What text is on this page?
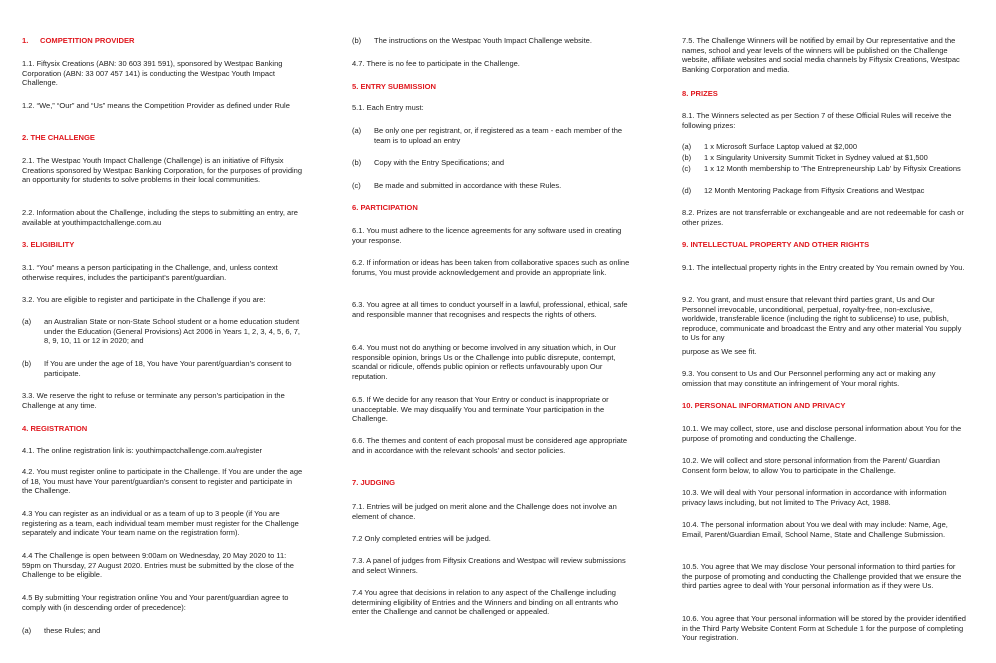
1. COMPETITION PROVIDER

1.1. Fiftysix Creations (ABN: 30 603 391 591), sponsored by Westpac Banking Corporation (ABN: 33 007 457 141) is conducting the Westpac Youth Impact Challenge.

1.2. “We,” “Our” and “Us” means the Competition Provider as defined under Rule

2. THE CHALLENGE

2.1. The Westpac Youth Impact Challenge (Challenge) is an initiative of Fiftysix Creations sponsored by Westpac Banking Corporation, for the purposes of providing an opportunity for students to solve problems in their local communities.

2.2. Information about the Challenge, including the steps to submitting an entry, are available at youthimpactchallenge.com.au

3. ELIGIBILITY

3.1. “You” means a person participating in the Challenge, and, unless context otherwise requires, includes the participant’s parent/guardian.

3.2. You are eligible to register and participate in the Challenge if you are:

(a) an Australian State or non-State School student or a home education student under the Education (General Provisions) Act 2006 in Years 1, 2, 3, 4, 5, 6, 7, 8, 9, 10, 11 or 12 in 2020; and
(b) If You are under the age of 18, You have Your parent/guardian’s consent to participate.

3.3. We reserve the right to refuse or terminate any person’s participation in the Challenge at any time.

4. REGISTRATION

4.1. The online registration link is: youthimpactchallenge.com.au/register

4.2. You must register online to participate in the Challenge. If You are under the age of 18, You must have Your parent/guardian’s consent to register and participate in the Challenge.

4.3 You can register as an individual or as a team of up to 3 people (if You are registering as a team, each individual team member must register for the Challenge separately and indicate Your team name on the registration form).

4.4 The Challenge is open between 9:00am on Wednesday, 20 May 2020 to 11: 59pm on Thursday, 27 August 2020. Entries must be submitted by the close of the Challenge to be eligible.

4.5 By submitting Your registration online You and Your parent/guardian agree to comply with (in descending order of precedence):

(a) these Rules; and
(b) The instructions on the Westpac Youth Impact Challenge website.

4.7. There is no fee to participate in the Challenge.

5. ENTRY SUBMISSION

5.1. Each Entry must:

(a) Be only one per registrant, or, if registered as a team - each member of the team is to upload an entry
(b) Copy with the Entry Specifications; and
(c) Be made and submitted in accordance with these Rules.
6. PARTICIPATION

6.1. You must adhere to the licence agreements for any software used in creating your response.

6.2. If information or ideas has been taken from collaborative spaces such as online forums, You must provide acknowledgement and provide an appropriate link.

6.3. You agree at all times to conduct yourself in a lawful, professional, ethical, safe and responsible manner that recognises and respects the rights of others.

6.4. You must not do anything or become involved in any situation which, in Our responsible opinion, brings Us or the Challenge into public disrepute, contempt, scandal or ridicule, offends public opinion or reflects unfavourably upon Our reputation.

6.5. If We decide for any reason that Your Entry or conduct is inappropriate or unacceptable. We may disqualify You and terminate Your participation in the Challenge.

6.6. The themes and content of each proposal must be considered age appropriate and in accordance with the relevant schools’ and sector policies.

7. JUDGING

7.1. Entries will be judged on merit alone and the Challenge does not involve an element of chance.

7.2 Only completed entries will be judged.

7.3. A panel of judges from Fiftysix Creations and Westpac will review submissions and select Winners.

7.4 You agree that decisions in relation to any aspect of the Challenge including determining eligibility of Entries and the Winners and binding on all entrants who enter the Challenge and cannot be challenged or appealed.

7.5. The Challenge Winners will be notified by email by Our representative and the names, school and year levels of the winners will be published on the Challenge website, affiliate websites and social media channels by Fiftysix Creations, Westpac Banking Corporation and media.

8. PRIZES

8.1. The Winners selected as per Section 7 of these Official Rules will receive the following prizes:

(a) 1 x Microsoft Surface Laptop valued at $2,000
(b) 1 x Singularity University Summit Ticket in Sydney valued at $1,500
(c) 1 x 12 Month membership to 'The Entrepreneurship Lab' by Fiftysix Creations
(d) 12 Month Mentoring Package from Fiftysix Creations and Westpac

8.2. Prizes are not transferrable or exchangeable and are not redeemable for cash or other prizes.

9. INTELLECTUAL PROPERTY AND OTHER RIGHTS

9.1. The intellectual property rights in the Entry created by You remain owned by You.

9.2. You grant, and must ensure that relevant third parties grant, Us and Our Personnel irrevocable, unconditional, perpetual, royalty-free, non-exclusive, worldwide, transferable licence (including the right to sublicense) to use, publish, reproduce, communicate and broadcast the Entry and any other material You supply to Us for any

purpose as We see fit.

9.3. You consent to Us and Our Personnel performing any act or making any omission that may constitute an infringement of Your moral rights.

10. PERSONAL INFORMATION AND PRIVACY

10.1. We may collect, store, use and disclose personal information about You for the purpose of promoting and conducting the Challenge.

10.2. We will collect and store personal information from the Parent/ Guardian Consent form below, to allow You to participate in the Challenge.

10.3. We will deal with Your personal information in accordance with information privacy laws including, but not limited to The Privacy Act, 1988.

10.4. The personal information about You we deal with may include: Name, Age, Email, Parent/Guardian Email, School Name, State and Challenge Submission.

10.5. You agree that We may disclose Your personal information to third parties for the purpose of promoting and conducting the Challenge provided that we ensure the third parties agree to deal with Your personal information as if they were Us.

10.6. You agree that Your personal information will be stored by the provider identified in the Third Party Website Content Form at Schedule 1 for the purpose of completing Your registration.
